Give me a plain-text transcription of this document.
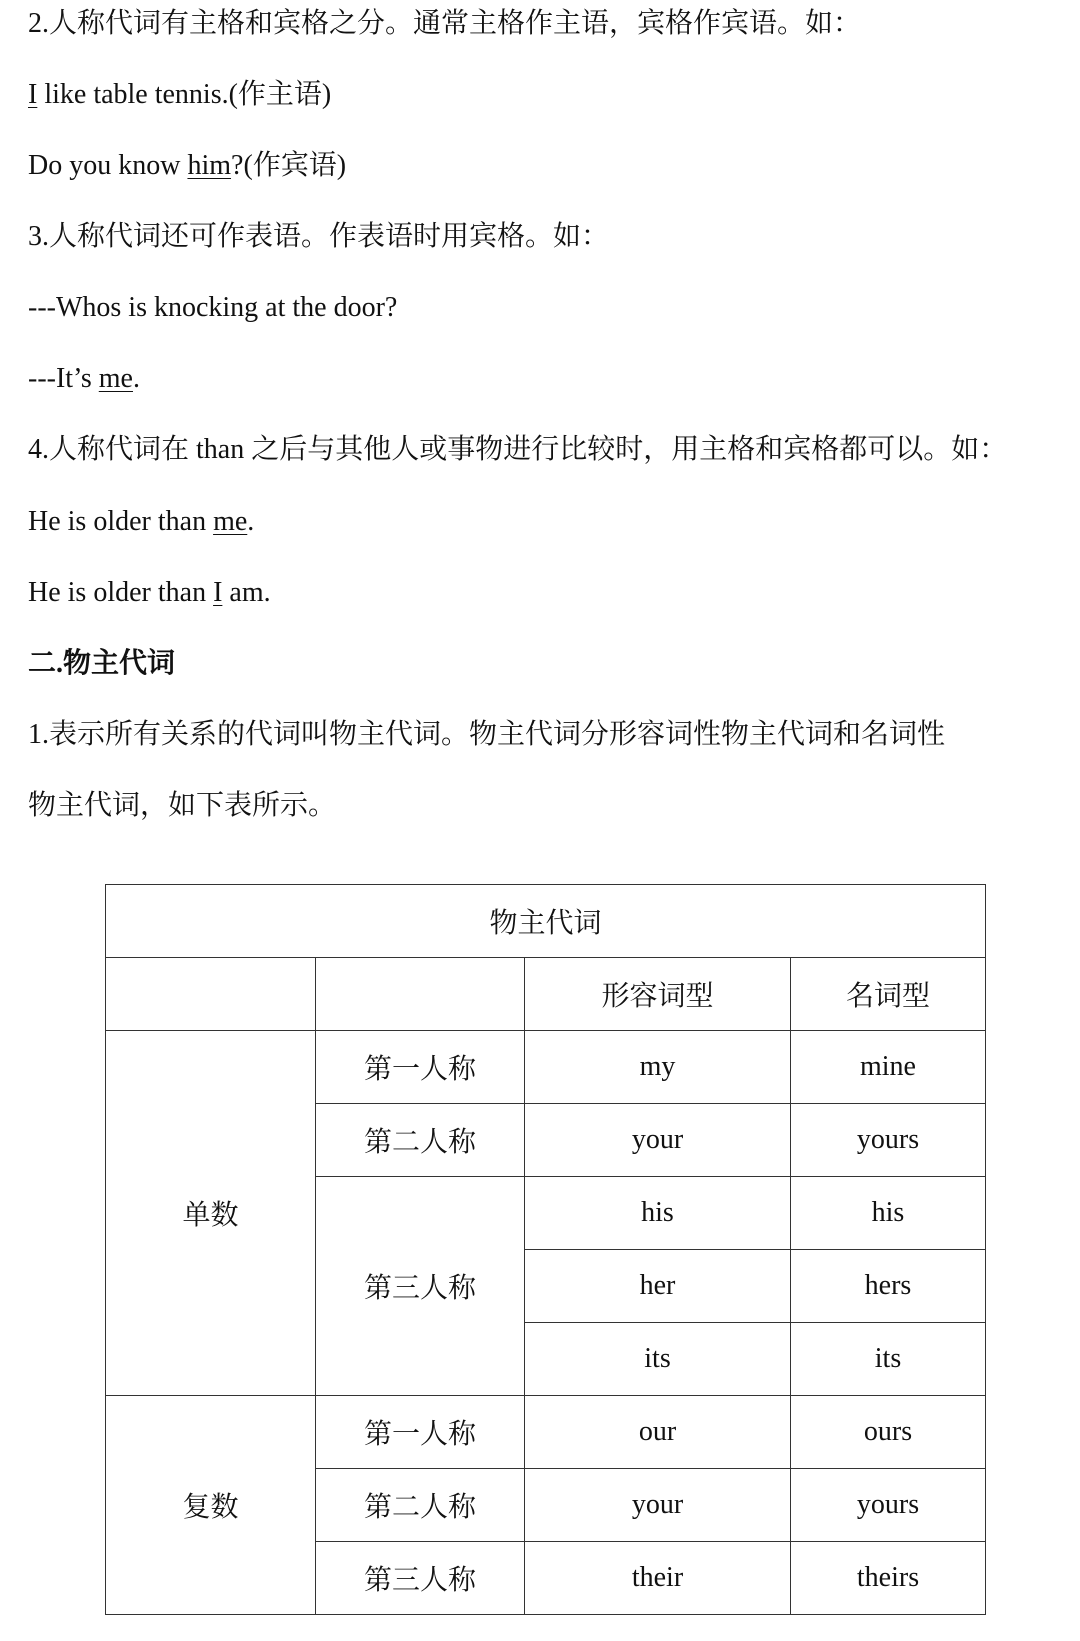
2.人称代词有主格和宾格之分。通常主格作主语，宾格作宾语。如：
I like table tennis.(作主语)
Do you know him?(作宾语)
3.人称代词还可作表语。作表语时用宾格。如：
---Whos is knocking at the door?
---It’s me.
4.人称代词在 than 之后与其他人或事物进行比较时，用主格和宾格都可以。如：
He is older than me.
He is older than I am.
二.物主代词
1.表示所有关系的代词叫物主代词。物主代词分形容词性物主代词和名词性
物主代词，如下表所示。
物主代词			
		形容词型	名词型
单数	第一人称	my	mine
	第二人称	your	yours
	第三人称	his	his
		her	hers
		its	its
复数	第一人称	our	ours
	第二人称	your	yours
	第三人称	their	theirs
